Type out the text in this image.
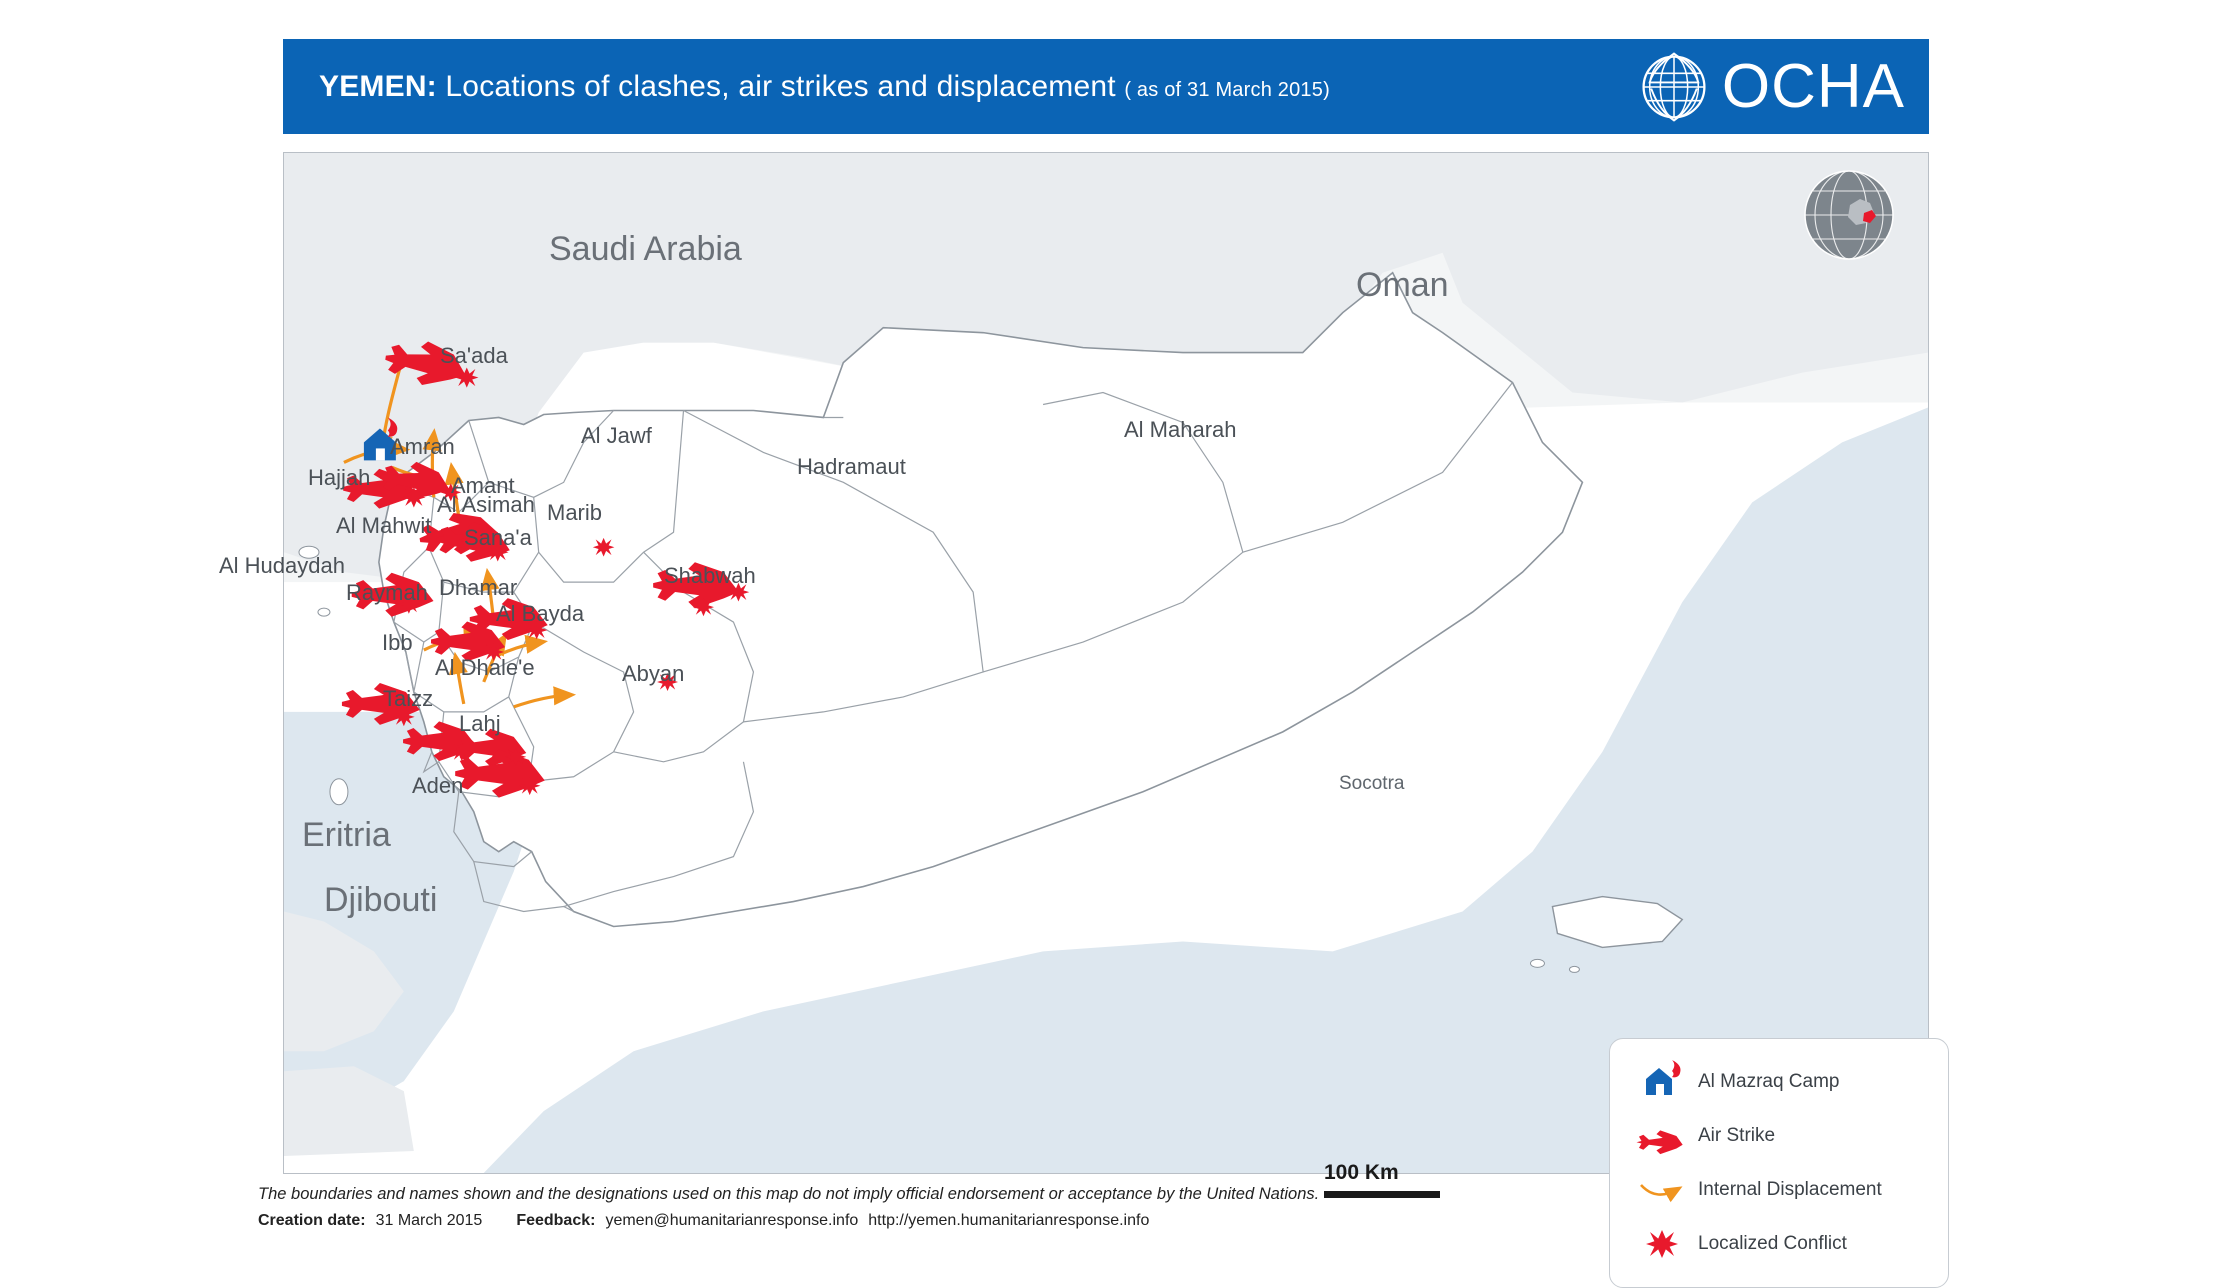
YEMEN: Locations of clashes, air strikes and displacement ( as of 31 March 2015)	OCHA
Saudi Arabia
Oman
Eritria
Djibouti
Sa'ada
Al Jawf
Hadramaut
Al Maharah
Amran
Hajjah	Amant
Al Asimah Marib
Al Mahwit Sana'a
Al Hudaydah	Shabwah
Raymah Dhamar
Al Bayda
Ibb
Abyan
Al Dhale'e
Taizz
Lahj
Aden	Socotra
100 Km
Al Mazraq Camp
Air Strike
Internal Displacement
Localized Conflict
The boundaries and names shown and the designations used on this map do not imply official endorsement or acceptance by the United Nations.
Creation date: 31 March 2015 Feedback: yemen@humanitarianresponse.info http://yemen.humanitarianresponse.info
